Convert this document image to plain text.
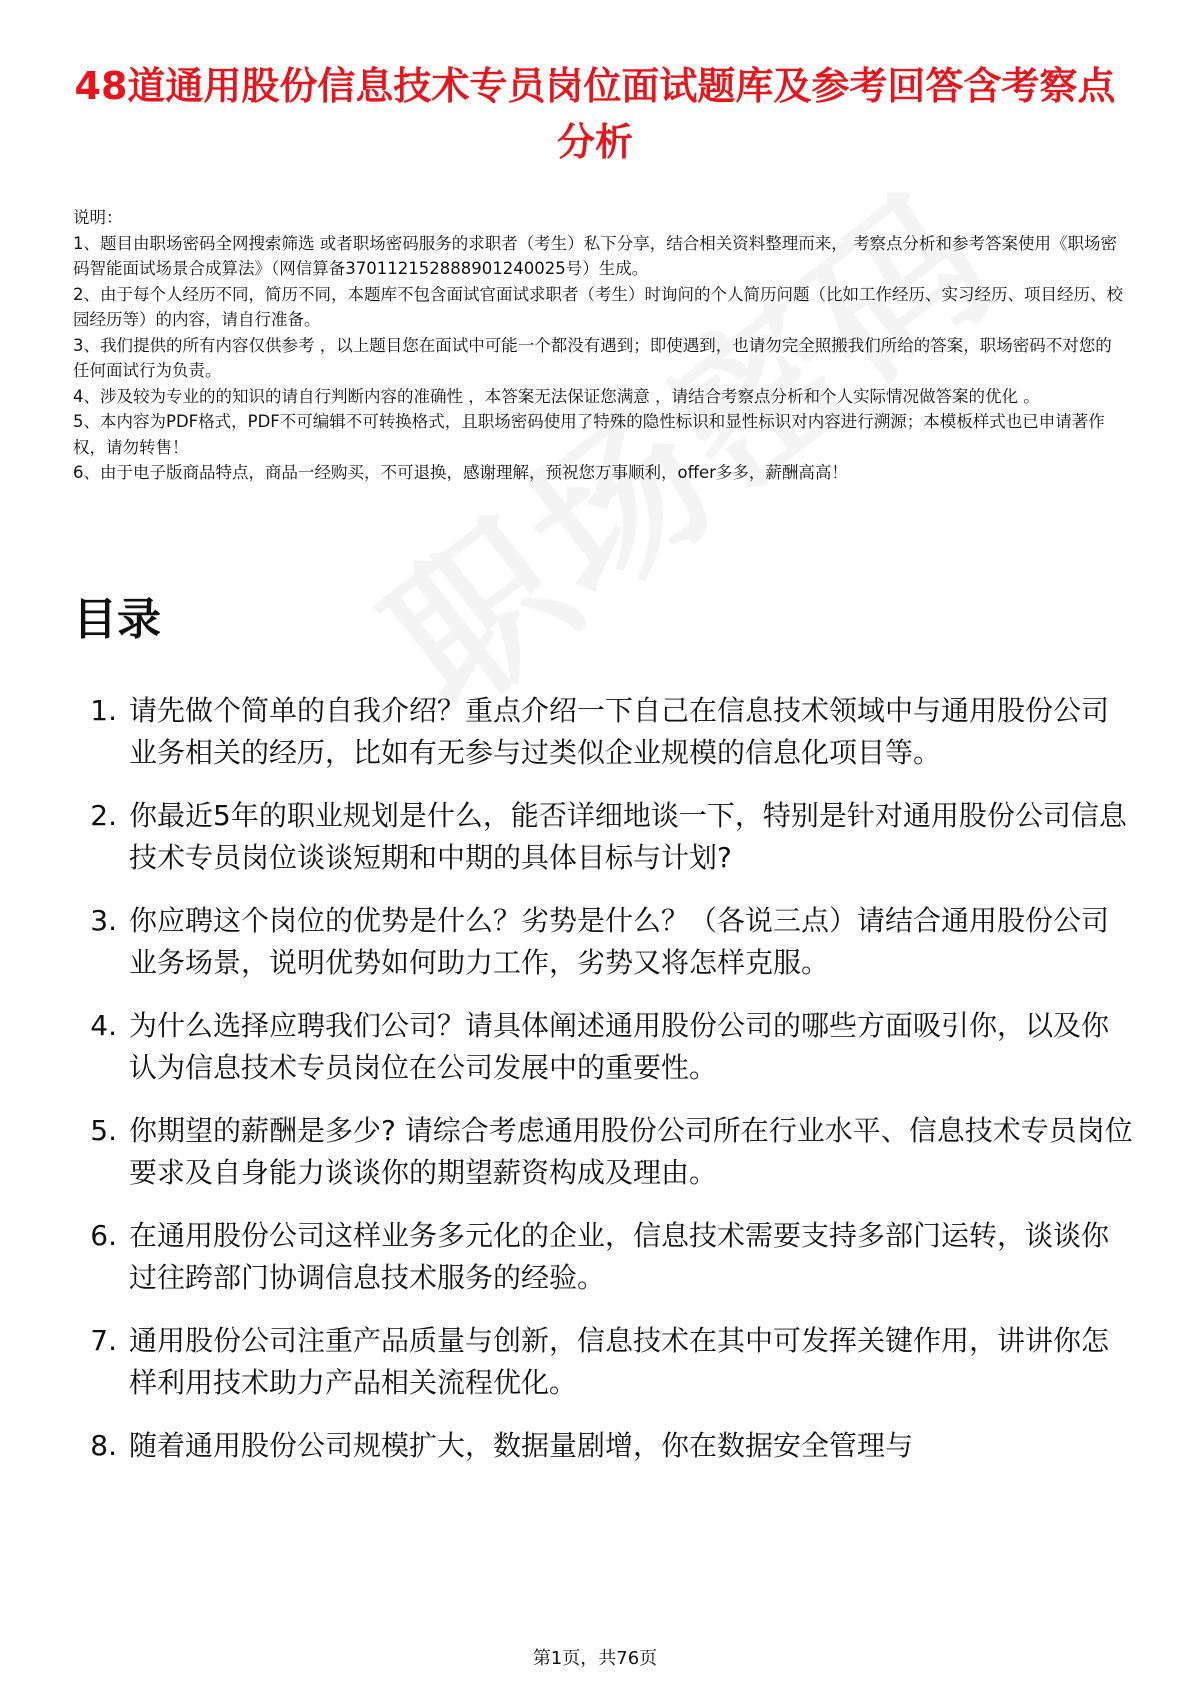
48道通用股份信息技术专员岗位面试题库及参考回答含考察点分析

说明：

1、题目由职场密码全网搜索筛选 或者职场密码服务的求职者（考生）私下分享，结合相关资料整理而来， 考察点分析和参考答案使用《职场密码智能面试场景合成算法》（网信算备370112152888901240025号）生成。

2、由于每个人经历不同，简历不同，本题库不包含面试官面试求职者（考生）时询问的个人简历问题（比如工作经历、实习经历、项目经历、校园经历等）的内容，请自行准备。

3、我们提供的所有内容仅供参考 ，以上题目您在面试中可能一个都没有遇到；即使遇到，也请勿完全照搬我们所给的答案，职场密码不对您的任何面试行为负责。

4、涉及较为专业的的知识的请自行判断内容的准确性 ，本答案无法保证您满意 ，请结合考察点分析和个人实际情况做答案的优化 。

5、本内容为PDF格式，PDF不可编辑不可转换格式，且职场密码使用了特殊的隐性标识和显性标识对内容进行溯源；本模板样式也已申请著作权，请勿转售！

6、由于电子版商品特点，商品一经购买，不可退换，感谢理解，预祝您万事顺利，offer多多，薪酬高高！

目录
1. 请先做个简单的自我介绍？重点介绍一下自己在信息技术领域中与通用股份公司业务相关的经历，比如有无参与过类似企业规模的信息化项目等。
2. 你最近5年的职业规划是什么，能否详细地谈一下，特别是针对通用股份公司信息技术专员岗位谈谈短期和中期的具体目标与计划?
3. 你应聘这个岗位的优势是什么？劣势是什么？（各说三点）请结合通用股份公司业务场景，说明优势如何助力工作，劣势又将怎样克服。
4. 为什么选择应聘我们公司？请具体阐述通用股份公司的哪些方面吸引你，以及你认为信息技术专员岗位在公司发展中的重要性。
5. 你期望的薪酬是多少? 请综合考虑通用股份公司所在行业水平、信息技术专员岗位要求及自身能力谈谈你的期望薪资构成及理由。
6. 在通用股份公司这样业务多元化的企业，信息技术需要支持多部门运转，谈谈你过往跨部门协调信息技术服务的经验。
7. 通用股份公司注重产品质量与创新，信息技术在其中可发挥关键作用，讲讲你怎样利用技术助力产品相关流程优化。
8. 随着通用股份公司规模扩大，数据量剧增，你在数据安全管理与
第1页，共76页
